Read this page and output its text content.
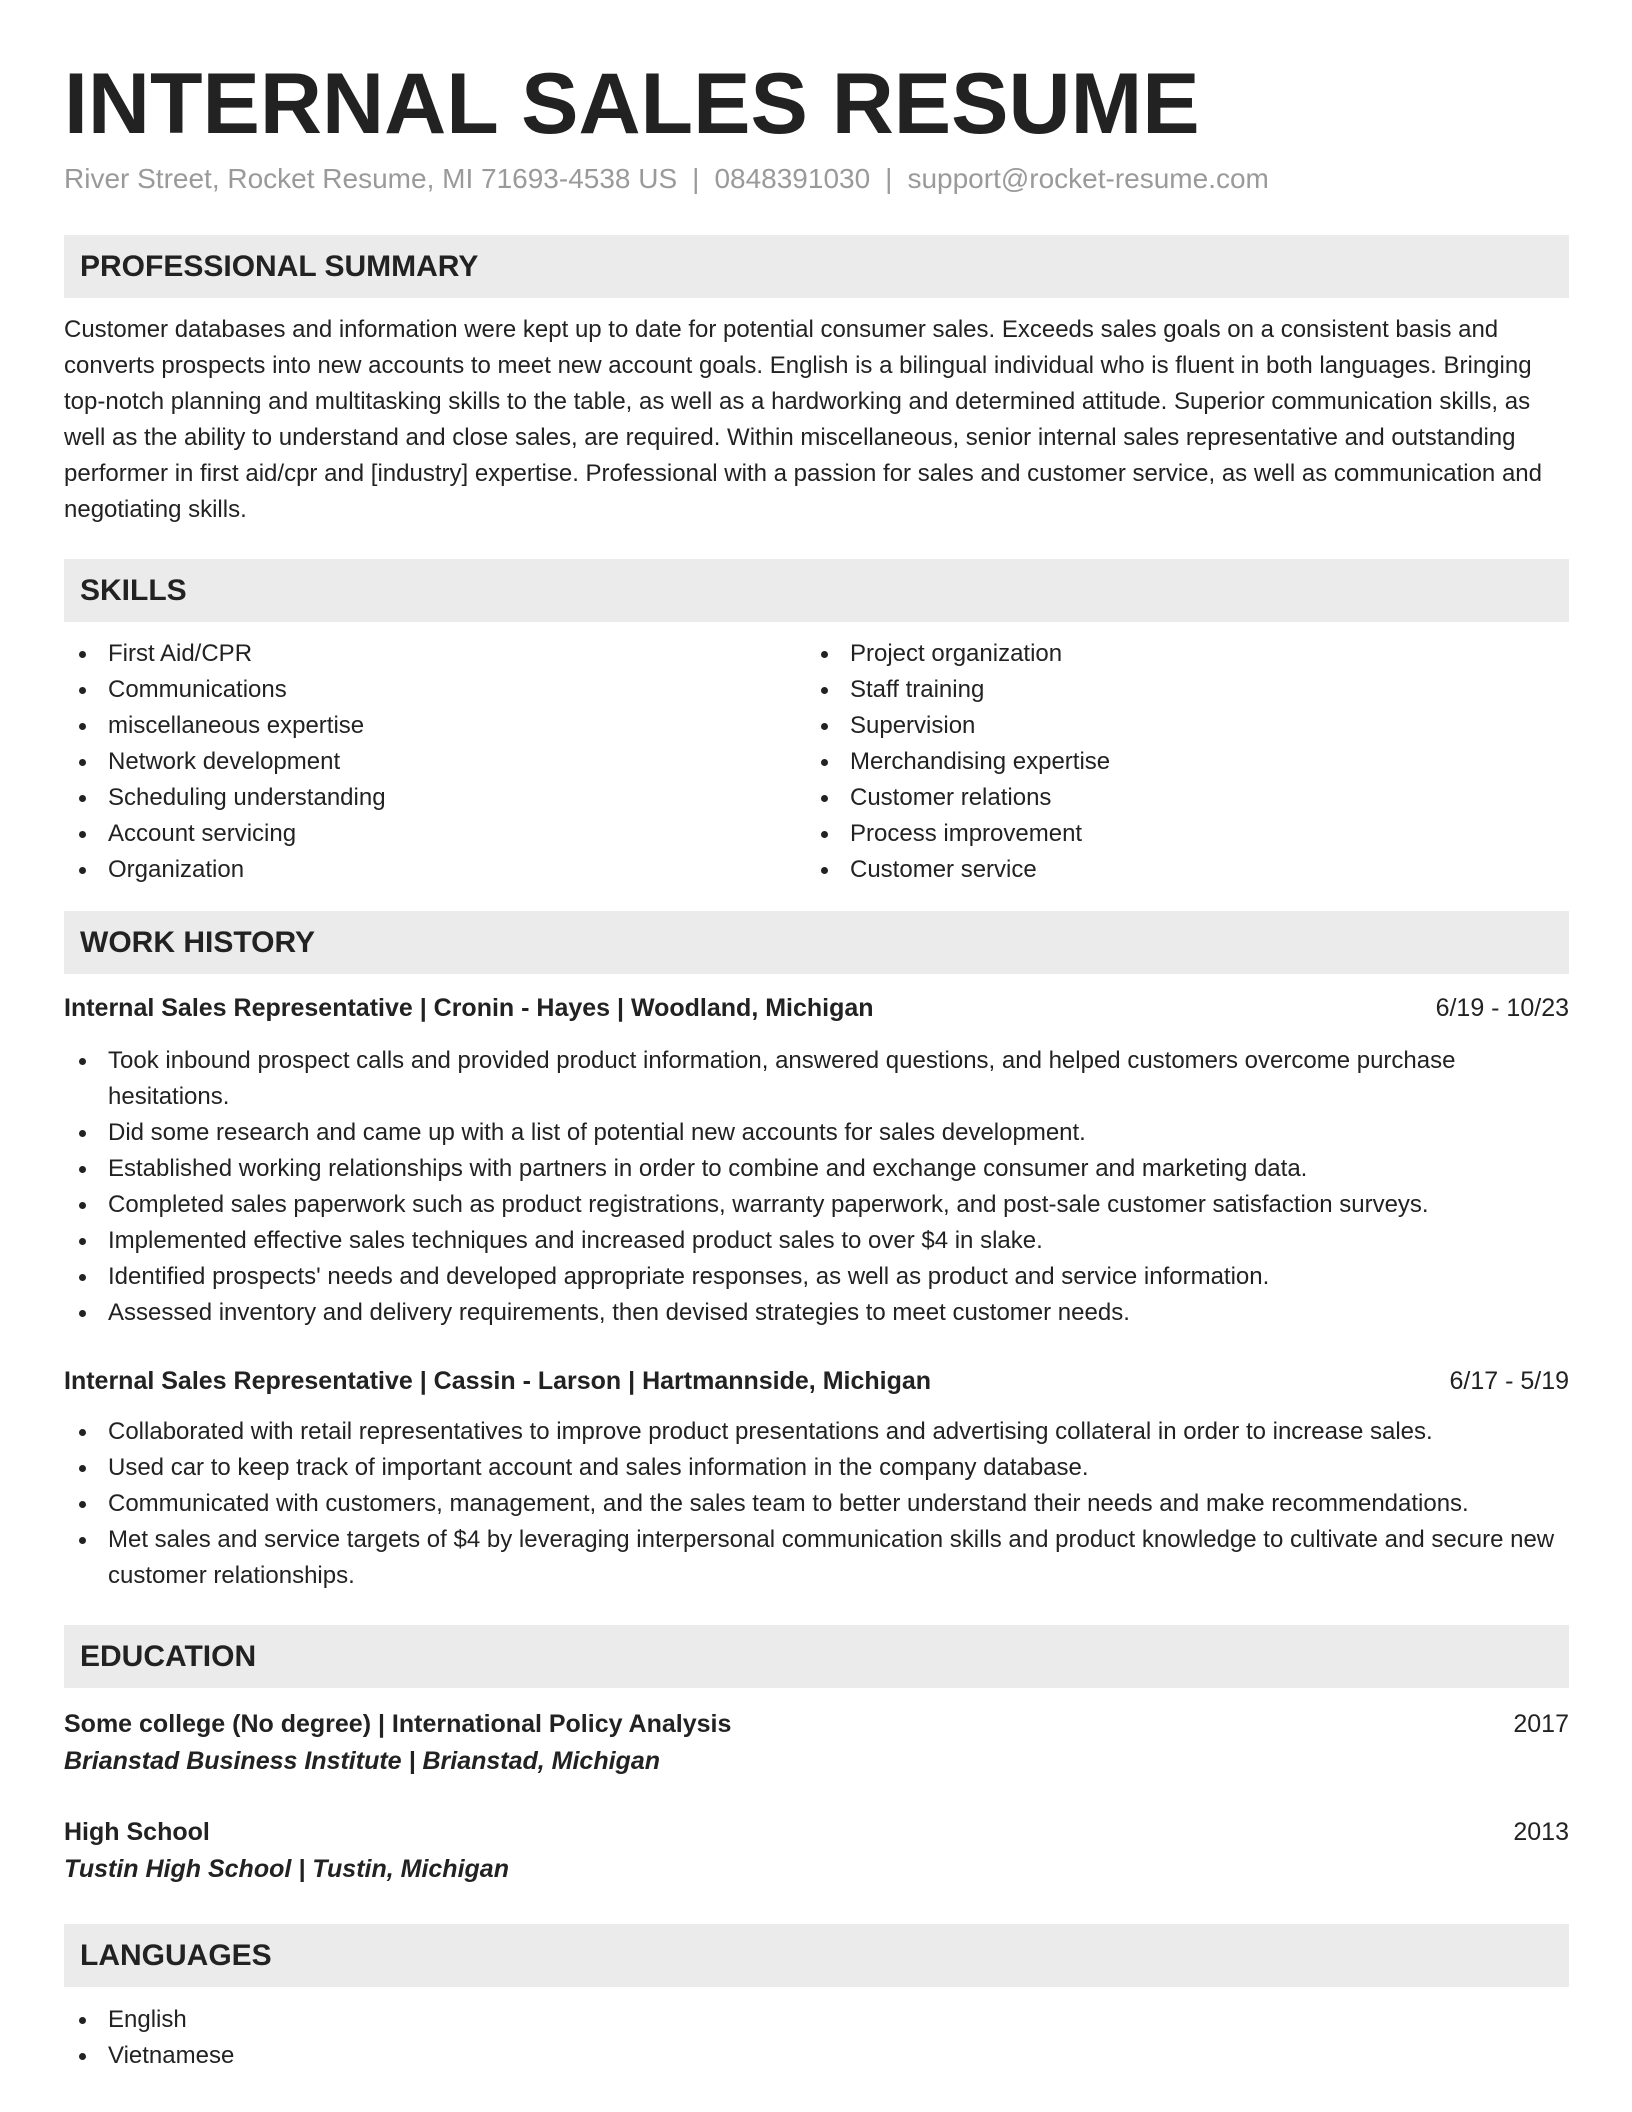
INTERNAL SALES RESUME
River Street, Rocket Resume, MI 71693-4538 US | 0848391030 | support@rocket-resume.com
PROFESSIONAL SUMMARY

Customer databases and information were kept up to date for potential consumer sales. Exceeds sales goals on a consistent basis and converts prospects into new accounts to meet new account goals. English is a bilingual individual who is fluent in both languages. Bringing top-notch planning and multitasking skills to the table, as well as a hardworking and determined attitude. Superior communication skills, as well as the ability to understand and close sales, are required. Within miscellaneous, senior internal sales representative and outstanding performer in first aid/cpr and [industry] expertise. Professional with a passion for sales and customer service, as well as communication and negotiating skills.

SKILLS
First Aid/CPR
Communications
miscellaneous expertise
Network development
Scheduling understanding
Account servicing
Organization
Project organization
Staff training
Supervision
Merchandising expertise
Customer relations
Process improvement
Customer service
WORK HISTORY
Internal Sales Representative | Cronin - Hayes | Woodland, Michigan	6/19 - 10/23
Took inbound prospect calls and provided product information, answered questions, and helped customers overcome purchase hesitations.
Did some research and came up with a list of potential new accounts for sales development.
Established working relationships with partners in order to combine and exchange consumer and marketing data.
Completed sales paperwork such as product registrations, warranty paperwork, and post-sale customer satisfaction surveys.
Implemented effective sales techniques and increased product sales to over $4 in slake.
Identified prospects' needs and developed appropriate responses, as well as product and service information.
Assessed inventory and delivery requirements, then devised strategies to meet customer needs.
Internal Sales Representative | Cassin - Larson | Hartmannside, Michigan	6/17 - 5/19
Collaborated with retail representatives to improve product presentations and advertising collateral in order to increase sales.
Used car to keep track of important account and sales information in the company database.
Communicated with customers, management, and the sales team to better understand their needs and make recommendations.
Met sales and service targets of $4 by leveraging interpersonal communication skills and product knowledge to cultivate and secure new customer relationships.
EDUCATION
Some college (No degree) | International Policy Analysis	2017
Brianstad Business Institute | Brianstad, Michigan
High School	2013
Tustin High School | Tustin, Michigan
LANGUAGES
English
Vietnamese
